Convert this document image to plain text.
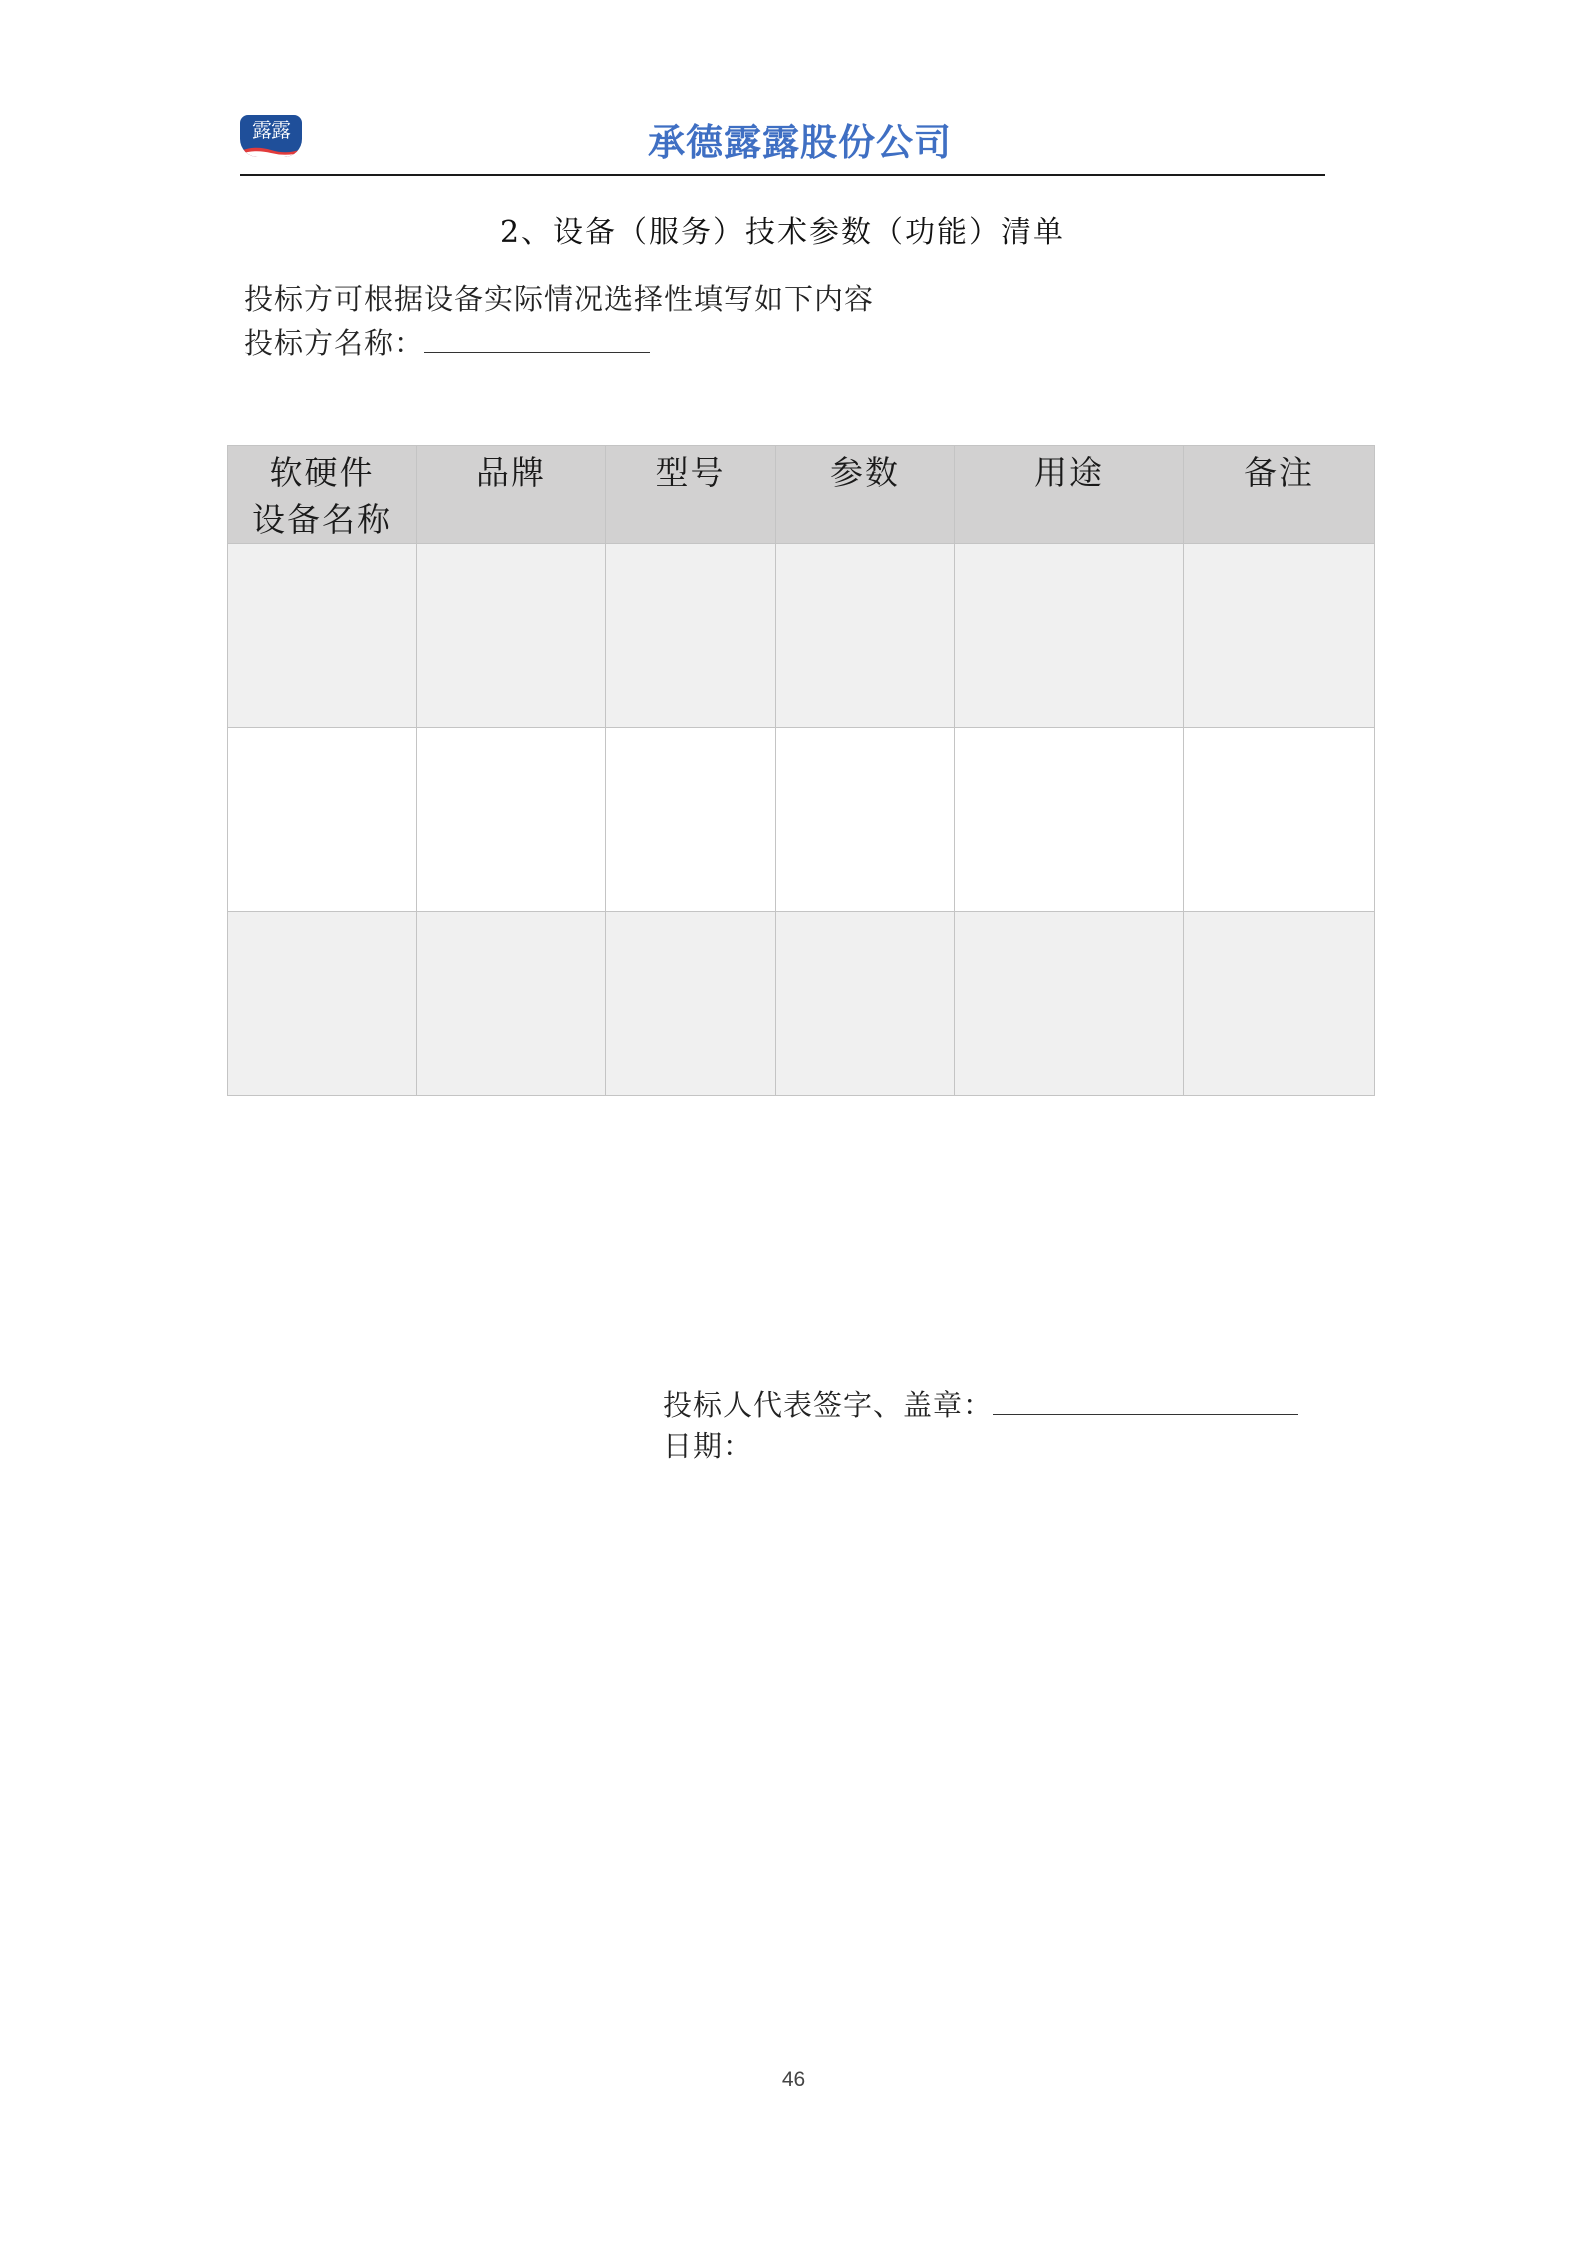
露露	承德露露股份公司
2、设备（服务）技术参数（功能）清单
投标方可根据设备实际情况选择性填写如下内容
投标方名称：
软硬件
设备名称	品牌	型号	参数	用途	备注

投标人代表签字、盖章：
日期：
46
